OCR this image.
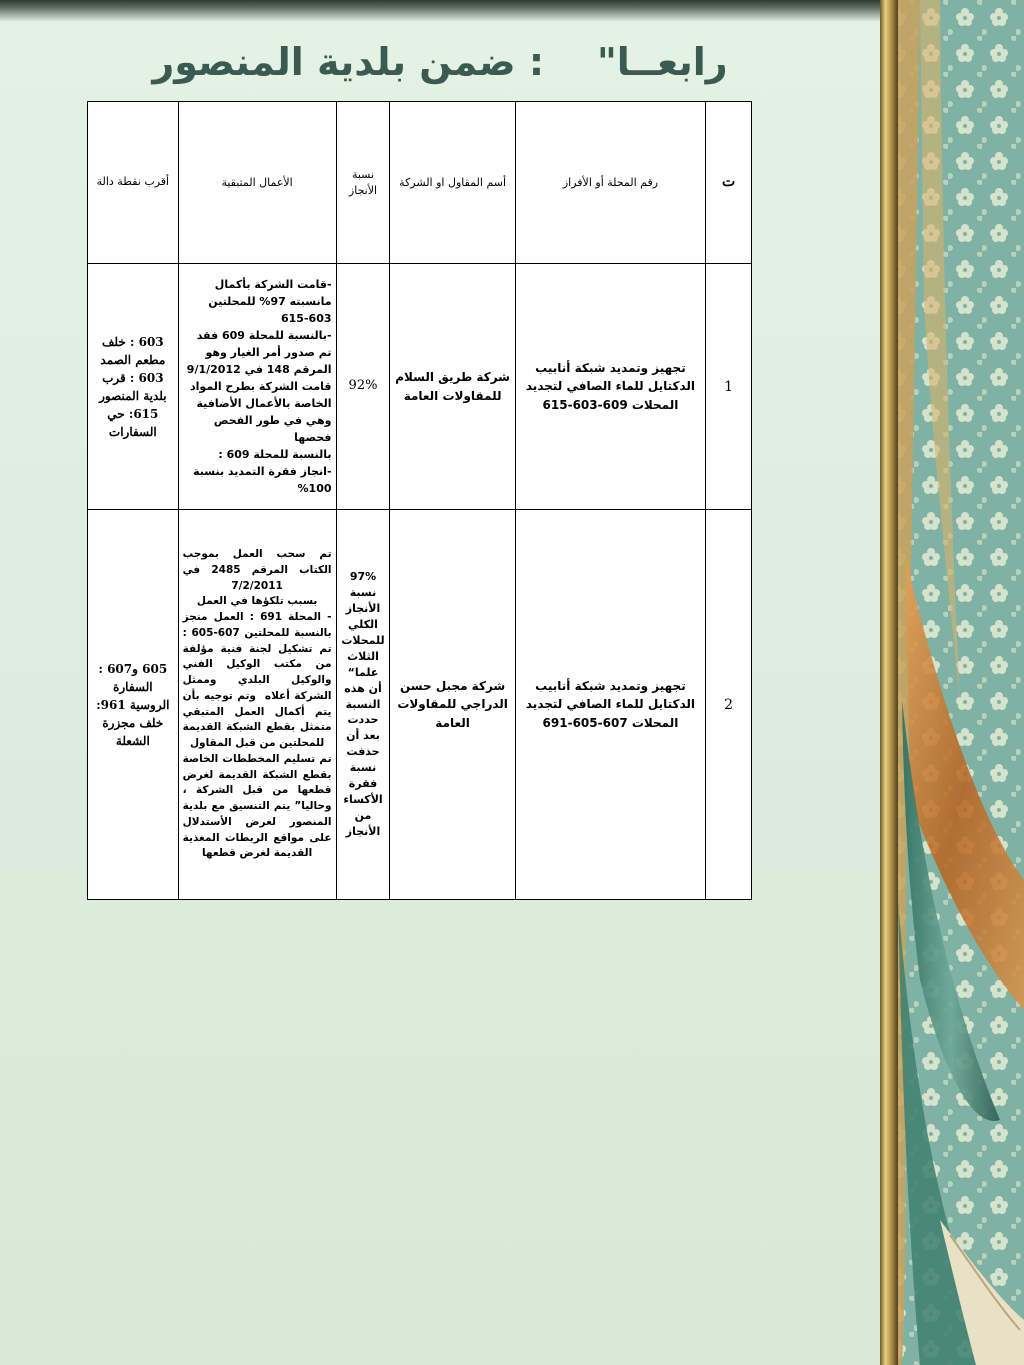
رابعــا"    : ضمن بلدية المنصور
ت	رقم المحلة أو الأفراز	أسم المقاول او الشركة	نسبة الأنجاز	الأعمال المتبقية	أقرب نقطة دالة
1	تجهيز وتمديد شبكة أنابيب الدكتايل للماء الصافي لتجديد المحلات 609-603-615	شركة طريق السلام للمقاولات العامة	92%	-قامت الشركة بأكمال مانسبته 97% للمحلتين 603-615
-بالنسبة للمحلة 609 فقد تم صدور أمر الغيار وهو المرقم 148 في 9/1/2012 قامت الشركة بطرح المواد الخاصة بالأعمال الأضافية وهي في طور الفحص  فحصها
بالنسبة للمحلة 609 :
-انجاز فقرة التمديد بنسبة 100%	603 : خلف مطعم الصمد 603 : قرب بلدية المنصور 615: حي السفارات
2	تجهيز وتمديد شبكة أنابيب الدكتايل للماء الصافي لتجديد المحلات 607-605-691	شركة مجبل حسن الدراجي للمقاولات العامة	97% نسبة الأنجاز الكلي للمحلات الثلاث علما“ أن هذه النسبة حددت بعد أن حذفت نسبة فقرة الأكساء من الأنجاز	تم سحب العمل بموجب الكتاب المرقم 2485 في 7/2/2011
بسبب تلكؤها في العمل
- المحلة 691 : العمل منجز بالنسبة للمحلتين 607-605 : تم تشكيل لجنة فنية مؤلفة من مكتب الوكيل الفني والوكيل البلدي وممثل الشركة أعلاه  وتم توجيه بأن يتم أكمال العمل المتبقي متمثل بقطع الشبكة القديمة للمحلتين من قبل المقاول
تم تسليم المخططات الخاصة بقطع الشبكة القديمة لغرض قطعها من قبل الشركة ، وحاليا” يتم التنسيق مع بلدية المنصور لغرض الأستدلال على مواقع الربطات المغذية القديمة لغرض قطعها	605 و607 : السفارة الروسية 961: خلف مجزرة الشعلة
